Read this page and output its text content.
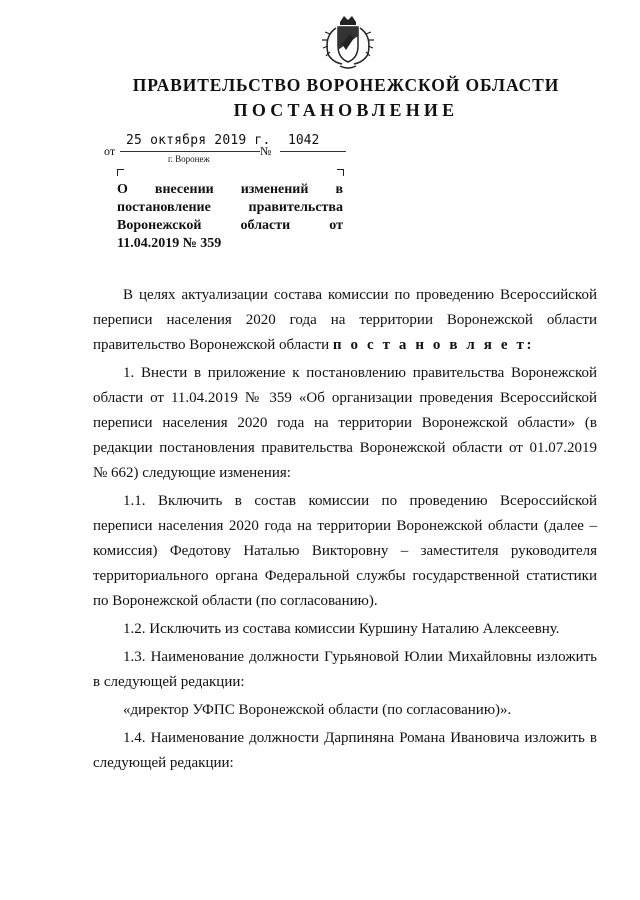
ПРАВИТЕЛЬСТВО ВОРОНЕЖСКОЙ ОБЛАСТИ
ПОСТАНОВЛЕНИЕ
от
25 октября 2019 г.
№
1042
г. Воронеж
О внесении изменений в
постановление правительства
Воронежской области от
11.04.2019 № 359

В целях актуализации состава комиссии по проведению Всероссийской переписи населения 2020 года на территории Воронежской области правительство Воронежской области п о с т а н о в л я е т:

1. Внести в приложение к постановлению правительства Воронежской области от 11.04.2019 № 359 «Об организации проведения Всероссийской переписи населения 2020 года на территории Воронежской области» (в редакции постановления правительства Воронежской области от 01.07.2019 № 662) следующие изменения:

1.1. Включить в состав комиссии по проведению Всероссийской переписи населения 2020 года на территории Воронежской области (далее – комиссия) Федотову Наталью Викторовну – заместителя руководителя территориального органа Федеральной службы государственной статистики по Воронежской области (по согласованию).

1.2. Исключить из состава комиссии Куршину Наталию Алексеевну.

1.3. Наименование должности Гурьяновой Юлии Михайловны изложить в следующей редакции:

«директор УФПС Воронежской области (по согласованию)».

1.4. Наименование должности Дарпиняна Романа Ивановича изложить в следующей редакции:
